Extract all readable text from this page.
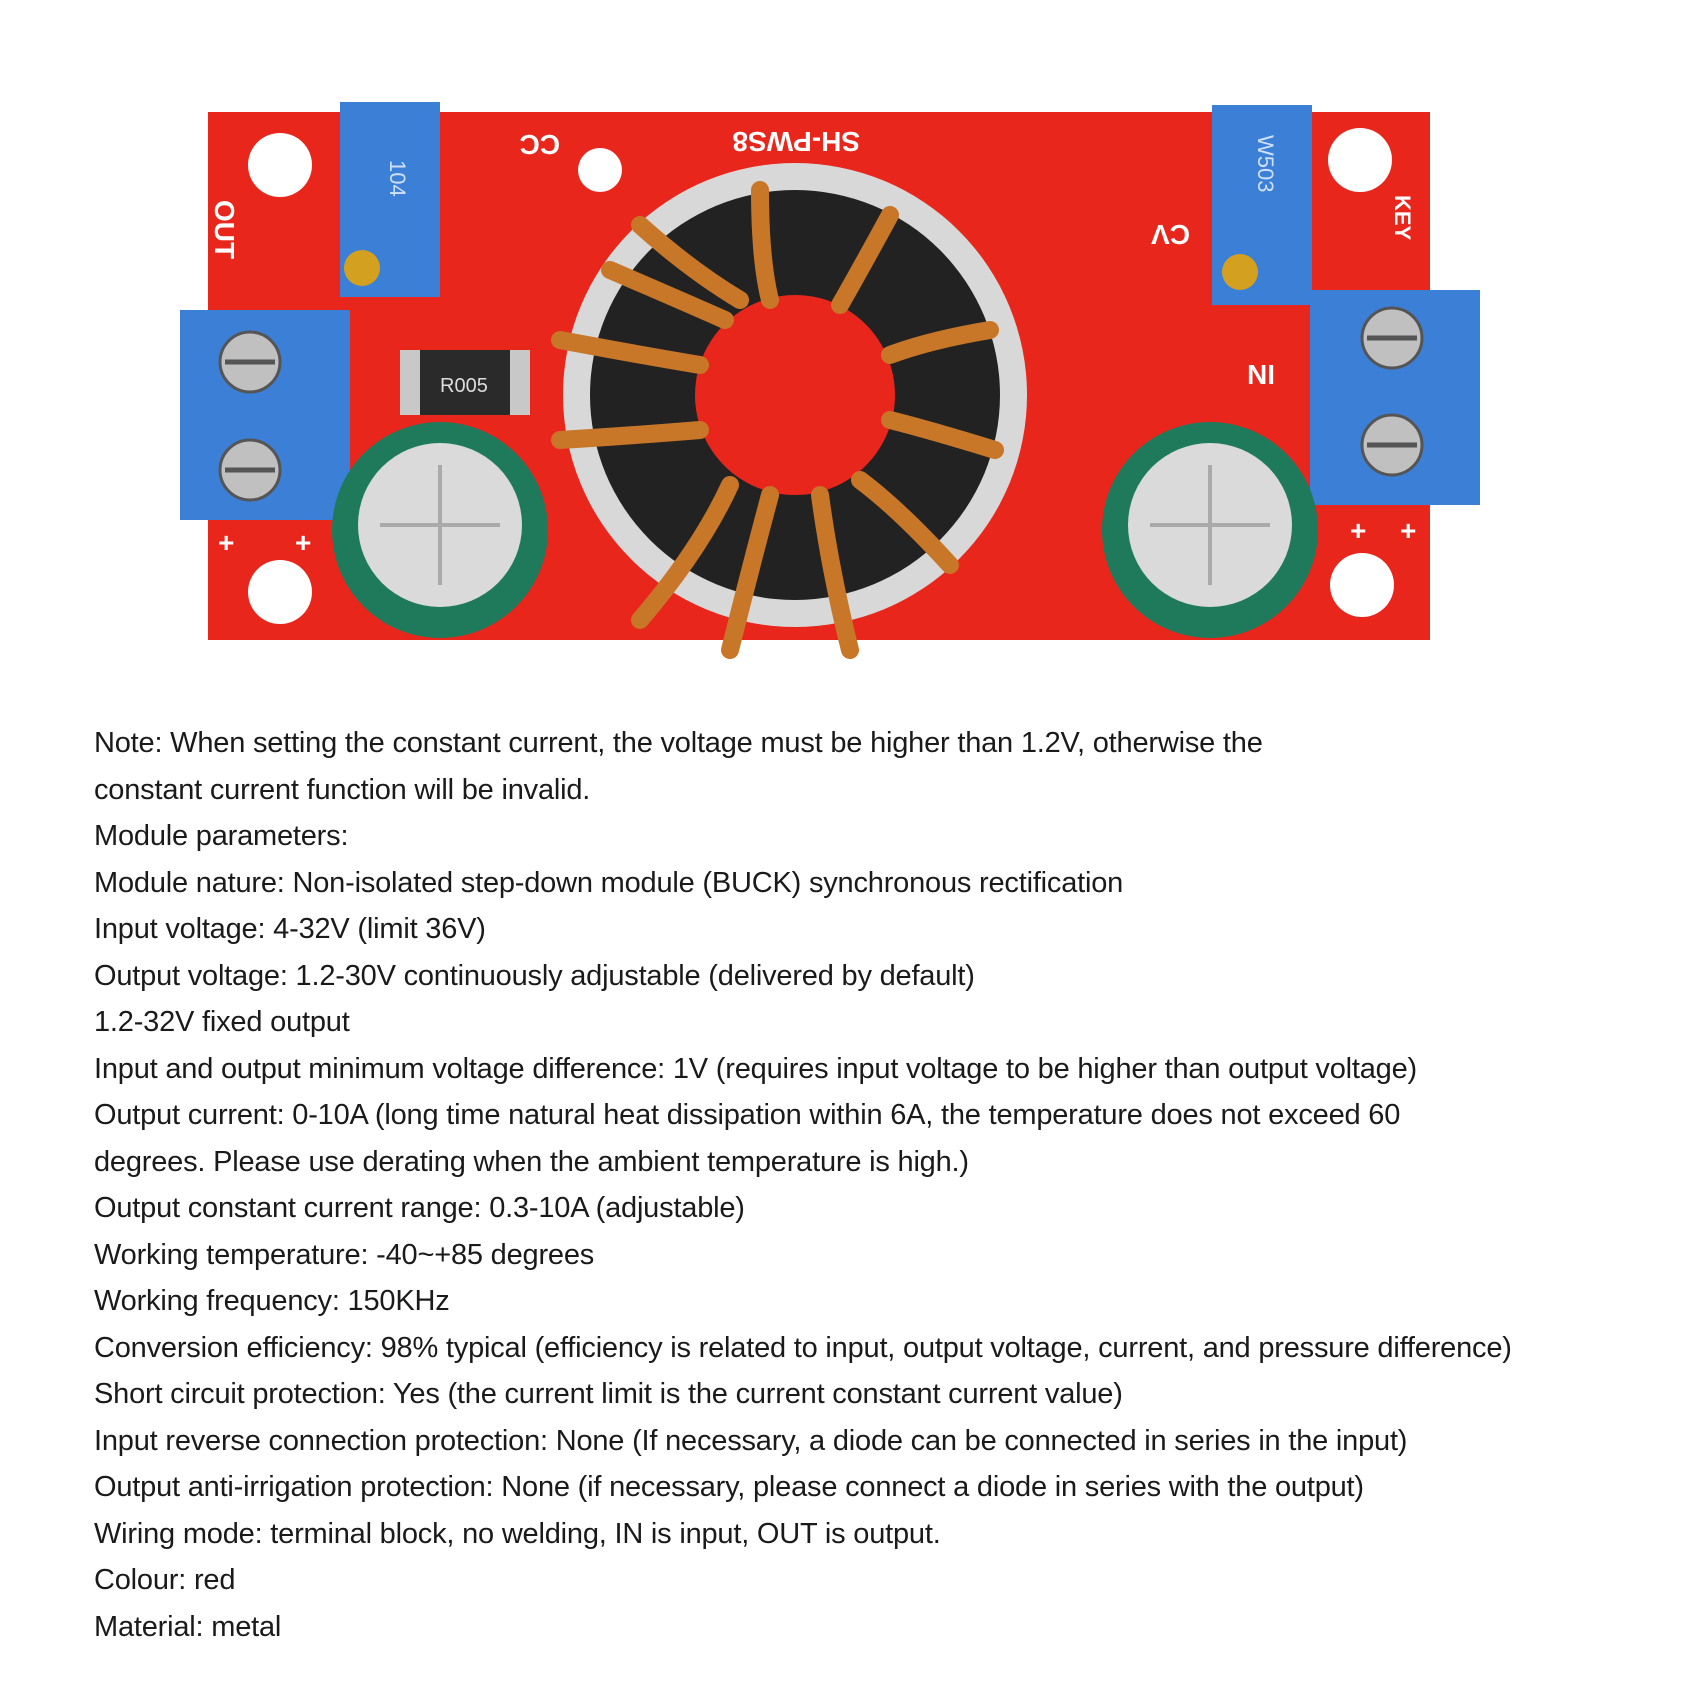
104	W503
R005
SH-PWS8
CC
CV
OUT
IN
KEY
+ +	+ +
Note: When setting the constant current, the voltage must be higher than 1.2V, otherwise the
constant current function will be invalid.
Module parameters:
Module nature: Non-isolated step-down module (BUCK) synchronous rectification
Input voltage: 4-32V (limit 36V)
Output voltage: 1.2-30V continuously adjustable (delivered by default)
1.2-32V fixed output
Input and output minimum voltage difference: 1V (requires input voltage to be higher than output voltage)
Output current: 0-10A (long time natural heat dissipation within 6A, the temperature does not exceed 60
degrees. Please use derating when the ambient temperature is high.)
Output constant current range: 0.3-10A (adjustable)
Working temperature: -40~+85 degrees
Working frequency: 150KHz
Conversion efficiency: 98% typical (efficiency is related to input, output voltage, current, and pressure difference)
Short circuit protection: Yes (the current limit is the current constant current value)
Input reverse connection protection: None (If necessary, a diode can be connected in series in the input)
Output anti-irrigation protection: None (if necessary, please connect a diode in series with the output)
Wiring mode: terminal block, no welding, IN is input, OUT is output.
Colour: red
Material: metal
